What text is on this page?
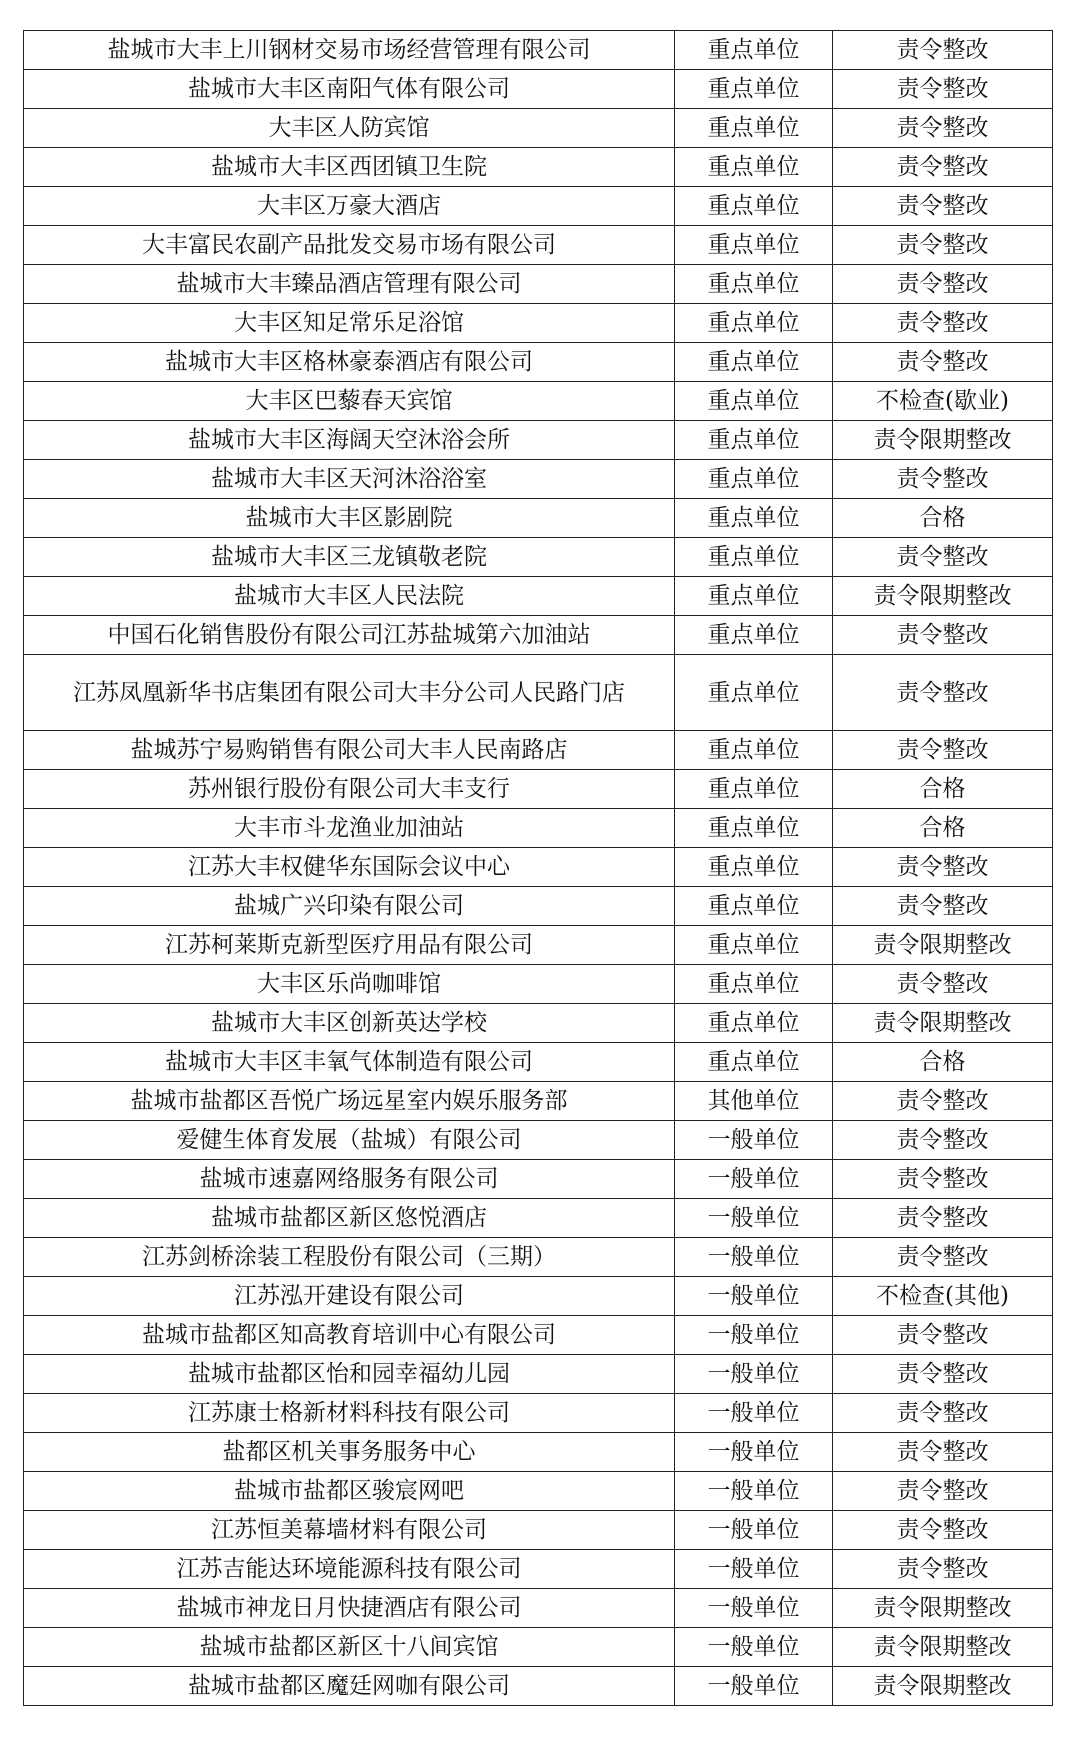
盐城市大丰上川钢材交易市场经营管理有限公司	重点单位	责令整改
盐城市大丰区南阳气体有限公司	重点单位	责令整改
大丰区人防宾馆	重点单位	责令整改
盐城市大丰区西团镇卫生院	重点单位	责令整改
大丰区万豪大酒店	重点单位	责令整改
大丰富民农副产品批发交易市场有限公司	重点单位	责令整改
盐城市大丰臻品酒店管理有限公司	重点单位	责令整改
大丰区知足常乐足浴馆	重点单位	责令整改
盐城市大丰区格林豪泰酒店有限公司	重点单位	责令整改
大丰区巴藜春天宾馆	重点单位	不检查(歇业)
盐城市大丰区海阔天空沐浴会所	重点单位	责令限期整改
盐城市大丰区天河沐浴浴室	重点单位	责令整改
盐城市大丰区影剧院	重点单位	合格
盐城市大丰区三龙镇敬老院	重点单位	责令整改
盐城市大丰区人民法院	重点单位	责令限期整改
中国石化销售股份有限公司江苏盐城第六加油站	重点单位	责令整改
江苏凤凰新华书店集团有限公司大丰分公司人民路门店	重点单位	责令整改
盐城苏宁易购销售有限公司大丰人民南路店	重点单位	责令整改
苏州银行股份有限公司大丰支行	重点单位	合格
大丰市斗龙渔业加油站	重点单位	合格
江苏大丰权健华东国际会议中心	重点单位	责令整改
盐城广兴印染有限公司	重点单位	责令整改
江苏柯莱斯克新型医疗用品有限公司	重点单位	责令限期整改
大丰区乐尚咖啡馆	重点单位	责令整改
盐城市大丰区创新英达学校	重点单位	责令限期整改
盐城市大丰区丰氧气体制造有限公司	重点单位	合格
盐城市盐都区吾悦广场远星室内娱乐服务部	其他单位	责令整改
爱健生体育发展（盐城）有限公司	一般单位	责令整改
盐城市速嘉网络服务有限公司	一般单位	责令整改
盐城市盐都区新区悠悦酒店	一般单位	责令整改
江苏剑桥涂装工程股份有限公司（三期）	一般单位	责令整改
江苏泓开建设有限公司	一般单位	不检查(其他)
盐城市盐都区知高教育培训中心有限公司	一般单位	责令整改
盐城市盐都区怡和园幸福幼儿园	一般单位	责令整改
江苏康士格新材料科技有限公司	一般单位	责令整改
盐都区机关事务服务中心	一般单位	责令整改
盐城市盐都区骏宸网吧	一般单位	责令整改
江苏恒美幕墙材料有限公司	一般单位	责令整改
江苏吉能达环境能源科技有限公司	一般单位	责令整改
盐城市神龙日月快捷酒店有限公司	一般单位	责令限期整改
盐城市盐都区新区十八间宾馆	一般单位	责令限期整改
盐城市盐都区魔廷网咖有限公司	一般单位	责令限期整改
